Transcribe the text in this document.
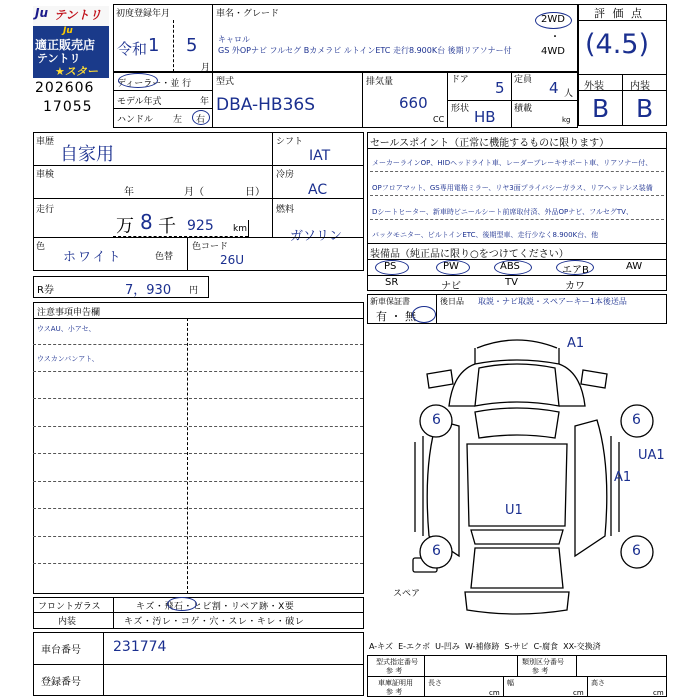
Ju テントリ
Ju
適正販売店
テントリ
★スター
202606
17055
初度登録年月
令和 1 5
月
車名・グレード
キャロル
GS 外OPナビ フルセグ Bカメラビ ルトインETC 走行8.900K台 後期リアソナー付
2WD
・
4WD
評 価 点
(4.5)
外装	内装
B B
ディーラー・並 行
モデル年式	年
ハンドル 左 右
型式
DBA-HB36S
排気量
660
CC
ドア 5
形状 HB
定員 4 人
積載
kg
車歴
自家用
シフト
IAT
車検
年	月（	日）
冷房
AC
走行
万 8 千 925 km
燃料
ガソリン
色
ホワイト	色替
色コード
26U
R券	7，930 円
注意事項申告欄
ウスAU、小アセ、
ウスカンパンアト、
フロントガラス	キズ・飛石・ヒビ割・リペア跡・X要
内装	キズ・汚レ・コゲ・穴・スレ・キレ・破レ
車台番号 231774
登録番号
セールスポイント（正常に機能するものに限ります）
メーカーラインOP、HIDヘッドライト車、レーダーブレーキサポート車、リアソナー付、
OPフロアマット、GS専用電格ミラー、リヤ3面プライバシーガラス、リアヘッドレス装備
Dシートヒーター、新車時ビニールシート前席取付済、外品OPナビ、フルセグTV、
バックモニター、ビルトインETC、後期型車、走行少なく8.900K台、他
装備品（純正品に限り○をつけてください）
PS	PW	ABS	エアB	AW
SR	ナビ	TV	カワ
新車保証書
有 ・ 無
後日品 取説・ナビ取説・スペアーキー1本後送品
A1
6	6
UA1
A1
U1
6	6
スペア
A-キズ  E-エクボ  U-凹み  W-補修跡  S-サビ  C-腐食  XX-交換済
型式指定番号
参 考
類別区分番号
参 考
車庫証明用
参 考
長さ
cm
幅
cm
高さ
cm
